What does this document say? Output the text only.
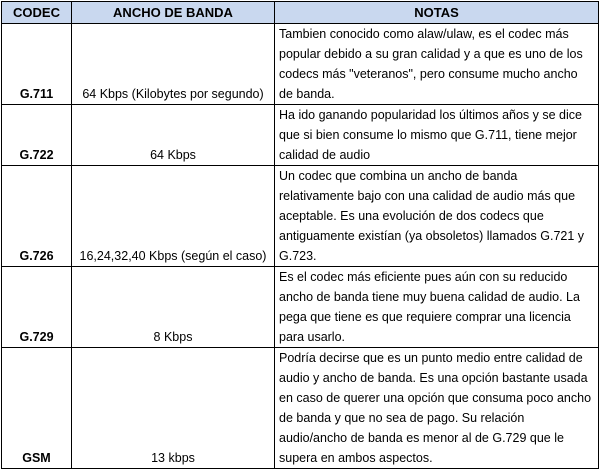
CODEC	ANCHO DE BANDA	NOTAS
G.711	64 Kbps (Kilobytes por segundo)	Tambien conocido como alaw/ulaw, es el codec más popular debido a su gran calidad y a que es uno de los codecs más "veteranos", pero consume mucho ancho de banda.
G.722	64 Kbps	Ha ido ganando popularidad los últimos años y se dice que si bien consume lo mismo que G.711, tiene mejor calidad de audio
G.726	16,24,32,40 Kbps (según el caso)	Un codec que combina un ancho de banda relativamente bajo con una calidad de audio más que aceptable. Es una evolución de dos codecs que antiguamente existían (ya obsoletos) llamados G.721 y G.723.
G.729	8 Kbps	Es el codec más eficiente pues aún con su reducido ancho de banda tiene muy buena calidad de audio. La pega que tiene es que requiere comprar una licencia para usarlo.
GSM	13 kbps	Podría decirse que es un punto medio entre calidad de audio y ancho de banda. Es una opción bastante usada en caso de querer una opción que consuma poco ancho de banda y que no sea de pago. Su relación audio/ancho de banda es menor al de G.729 que le supera en ambos aspectos.
